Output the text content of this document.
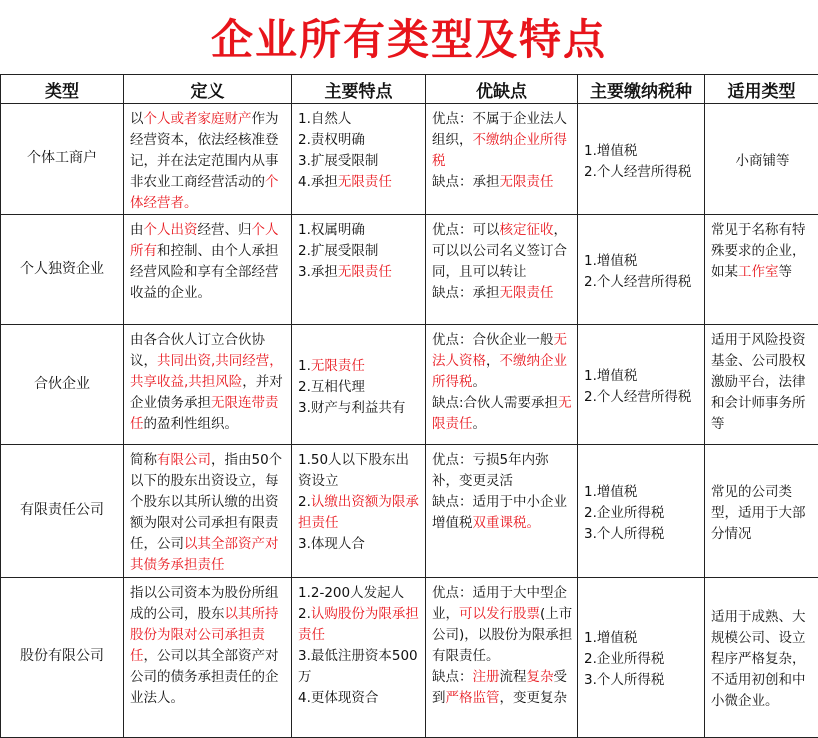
企业所有类型及特点
类型	定义	主要特点	优缺点	主要缴纳税种	适用类型
个体工商户	以个人或者家庭财产作为经营资本，依法经核准登记，并在法定范围内从事非农业工商经营活动的个体经营者。	1.自然人
2.责权明确
3.扩展受限制
4.承担无限责任	优点：不属于企业法人组织，不缴纳企业所得税
缺点：承担无限责任	1.增值税
2.个人经营所得税	小商铺等

个人独资企业	由个人出资经营、归个人所有和控制、由个人承担经营风险和享有全部经营收益的企业。	1.权属明确
2.扩展受限制
3.承担无限责任	优点：可以核定征收，可以以公司名义签订合同，且可以转让
缺点：承担无限责任	1.增值税
2.个人经营所得税	常见于名称有特殊要求的企业，如某工作室等

合伙企业	由各合伙人订立合伙协议，共同出资,共同经营，共享收益,共担风险，并对企业债务承担无限连带责任的盈利性组织。	1.无限责任
2.互相代理
3.财产与利益共有	优点：合伙企业一般无法人资格，不缴纳企业所得税。
缺点:合伙人需要承担无限责任。	1.增值税
2.个人经营所得税	适用于风险投资基金、公司股权激励平台，法律和会计师事务所等

有限责任公司	简称有限公司，指由50个以下的股东出资设立，每个股东以其所认缴的出资额为限对公司承担有限责任，公司以其全部资产对其债务承担责任	1.50人以下股东出资设立
2.认缴出资额为限承担责任
3.体现人合	优点：亏损5年内弥补，变更灵活
缺点：适用于中小企业增值税双重课税。	1.增值税
2.企业所得税
3.个人所得税	常见的公司类型，适用于大部分情况

股份有限公司	指以公司资本为股份所组成的公司，股东以其所持股份为限对公司承担责任，公司以其全部资产对公司的债务承担责任的企业法人。	1.2-200人发起人
2.认购股份为限承担责任
3.最低注册资本500万
4.更体现资合	优点：适用于大中型企业，可以发行股票(上市公司)，以股份为限承担有限责任。
缺点：注册流程复杂受到严格监管，变更复杂	1.增值税
2.企业所得税
3.个人所得税	适用于成熟、大规模公司、设立程序严格复杂，不适用初创和中小微企业。
